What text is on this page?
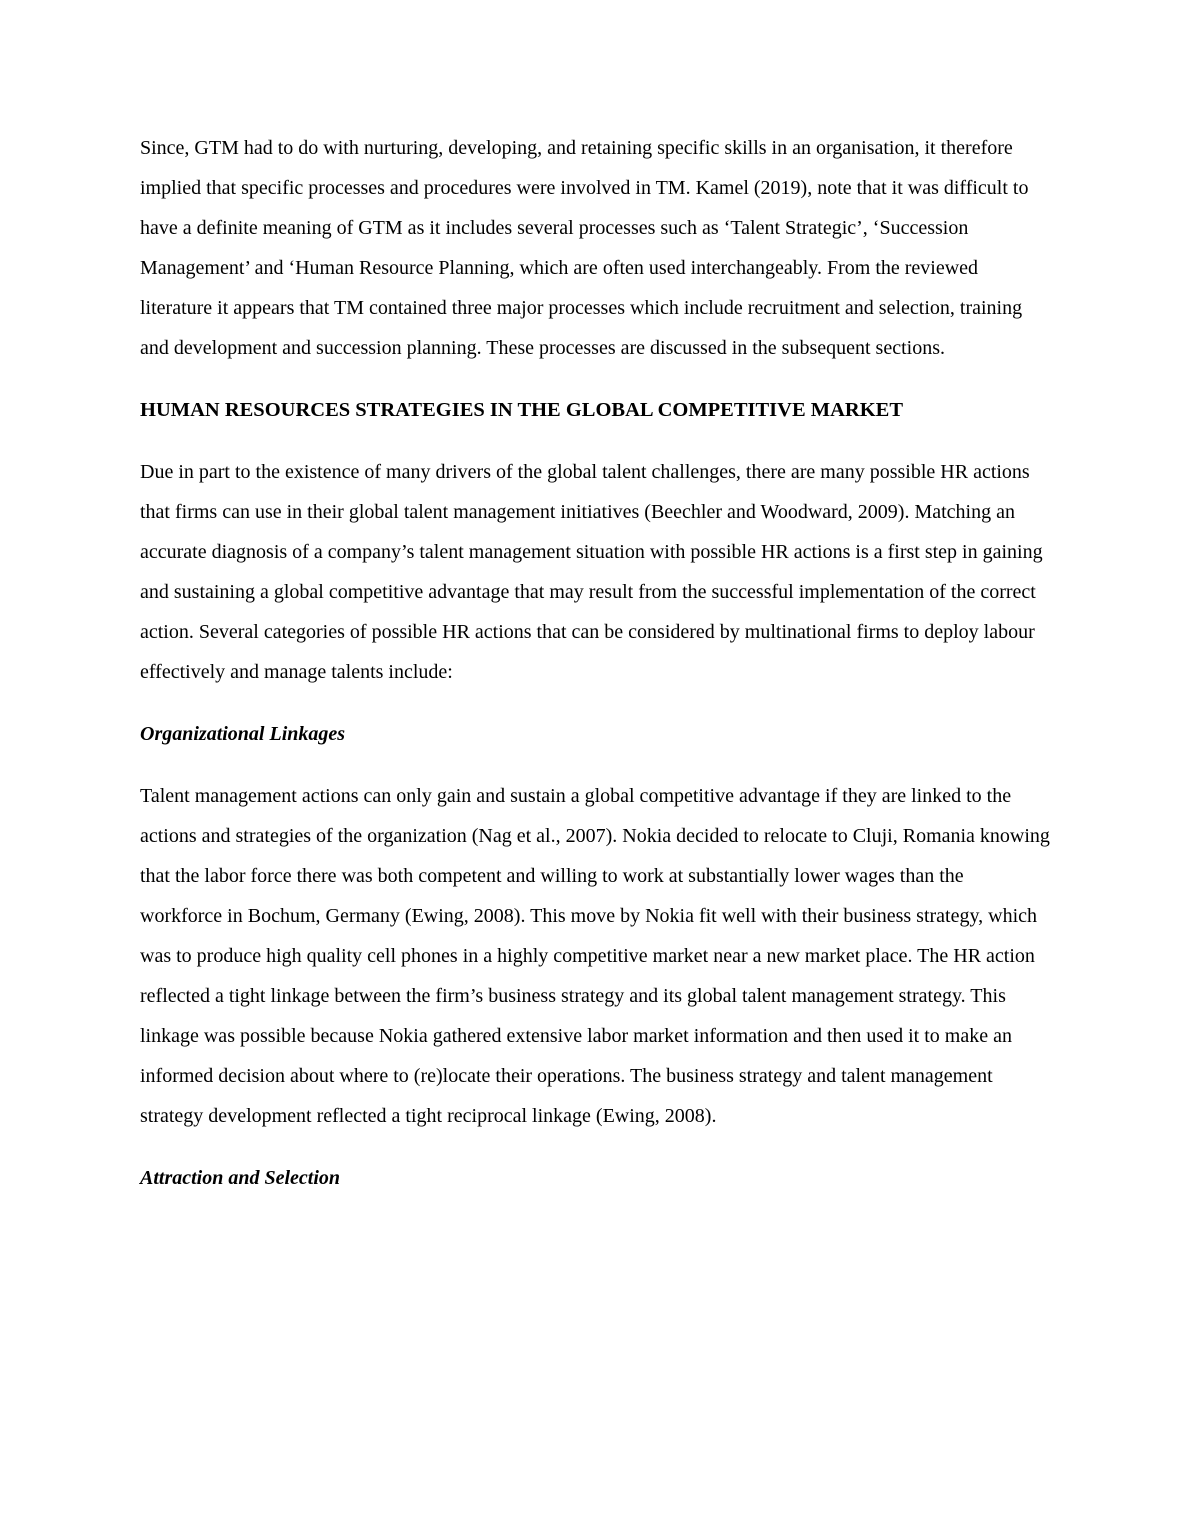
Since, GTM had to do with nurturing, developing, and retaining specific skills in an organisation, it therefore implied that specific processes and procedures were involved in TM. Kamel (2019), note that it was difficult to have a definite meaning of GTM as it includes several processes such as ‘Talent Strategic’, ‘Succession Management’ and ‘Human Resource Planning, which are often used interchangeably. From the reviewed literature it appears that TM contained three major processes which include recruitment and selection, training and development and succession planning. These processes are discussed in the subsequent sections.

HUMAN RESOURCES STRATEGIES IN THE GLOBAL COMPETITIVE MARKET

Due in part to the existence of many drivers of the global talent challenges, there are many possible HR actions that firms can use in their global talent management initiatives (Beechler and Woodward, 2009). Matching an accurate diagnosis of a company’s talent management situation with possible HR actions is a first step in gaining and sustaining a global competitive advantage that may result from the successful implementation of the correct action. Several categories of possible HR actions that can be considered by multinational firms to deploy labour effectively and manage talents include:

Organizational Linkages

Talent management actions can only gain and sustain a global competitive advantage if they are linked to the actions and strategies of the organization (Nag et al., 2007). Nokia decided to relocate to Cluji, Romania knowing that the labor force there was both competent and willing to work at substantially lower wages than the workforce in Bochum, Germany (Ewing, 2008). This move by Nokia fit well with their business strategy, which was to produce high quality cell phones in a highly competitive market near a new market place. The HR action reflected a tight linkage between the firm’s business strategy and its global talent management strategy. This linkage was possible because Nokia gathered extensive labor market information and then used it to make an informed decision about where to (re)locate their operations. The business strategy and talent management strategy development reflected a tight reciprocal linkage (Ewing, 2008).

Attraction and Selection
